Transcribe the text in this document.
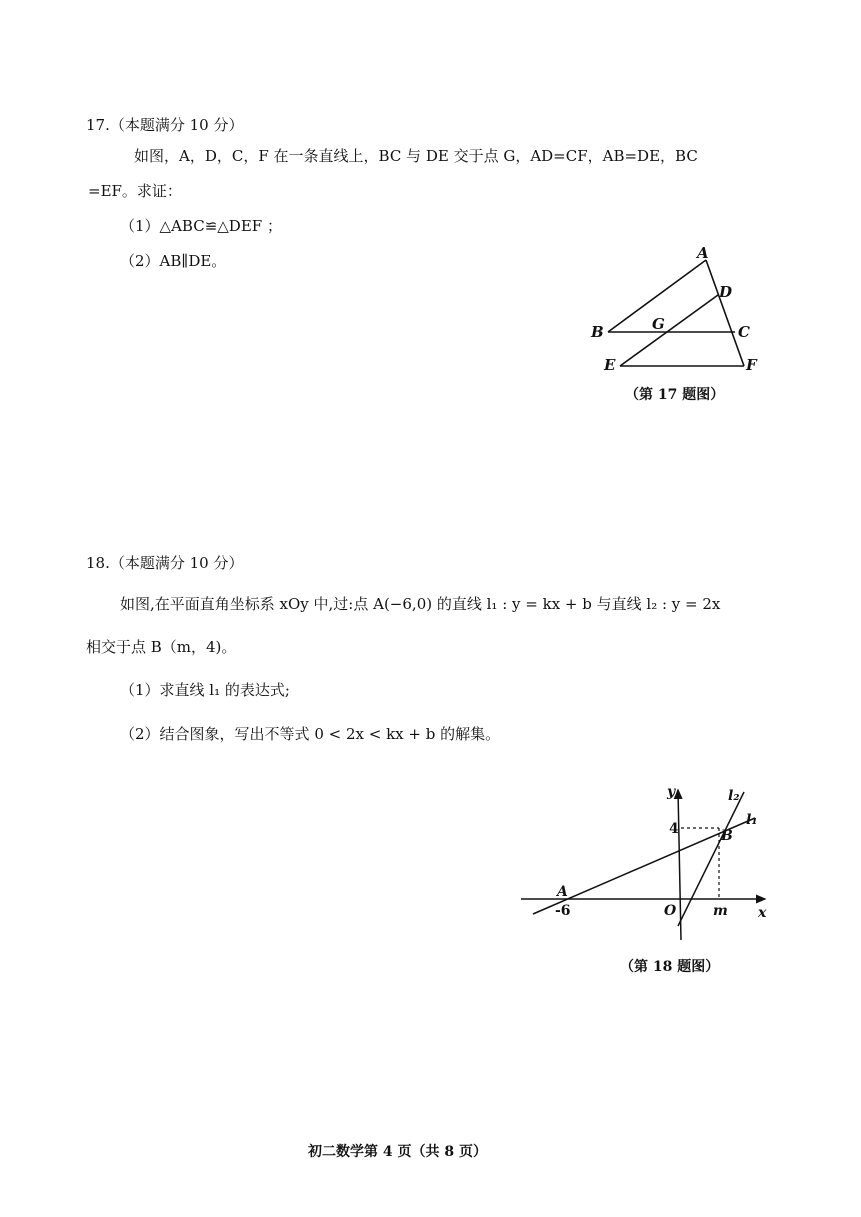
17.（本题满分 10 分）
如图，A，D，C，F 在一条直线上，BC 与 DE 交于点 G，AD=CF，AB=DE，BC
=EF。求证：
（1）△ABC≌△DEF ；
（2）AB∥DE。	A
D
B	G	C
E	F
（第 17 题图）
18.（本题满分 10 分）
如图,在平面直角坐标系 xOy 中,过:点 A(−6,0) 的直线 l₁ : y = kx + b 与直线 l₂ : y = 2x
相交于点 B（m，4)。
（1）求直线 l₁ 的表达式;
（2）结合图象，写出不等式 0 < 2x < kx + b 的解集。
y	l₂
l₁
4	B
A
-6	O	m x
（第 18 题图）
初二数学第 4 页（共 8 页）
